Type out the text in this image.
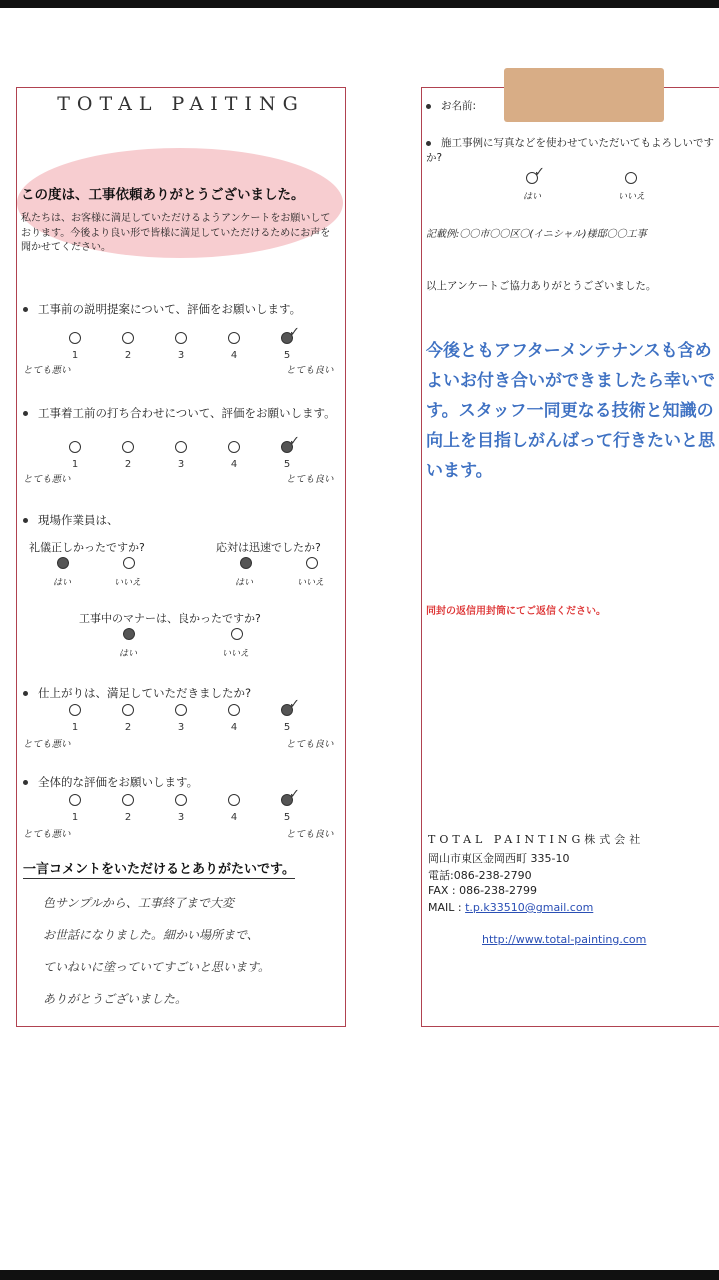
TOTAL PAITING
この度は、工事依頼ありがとうございました。
私たちは、お客様に満足していただけるようアンケートをお願いしております。今後より良い形で皆様に満足していただけるためにお声を聞かせてください。
工事前の説明提案について、評価をお願いします。
✓
1	2	3	4	5
とても悪い	とても良い
工事着工前の打ち合わせについて、評価をお願いします。
✓
1	2	3	4	5
とても悪い	とても良い
現場作業員は、
礼儀正しかったですか?	応対は迅速でしたか?
はい	いいえ	はい	いいえ
工事中のマナーは、良かったですか?
はい	いいえ
仕上がりは、満足していただきましたか?
✓
1	2	3	4	5
とても悪い	とても良い
全体的な評価をお願いします。
✓
1	2	3	4	5
とても悪い	とても良い
一言コメントをいただけるとありがたいです。
色サンプルから、工事終了まで大変
お世話になりました。細かい場所まで、
ていねいに塗っていてすごいと思います。
ありがとうございました。
お名前:
施工事例に写真などを使わせていただいてもよろしいですか?
✓
はい	いいえ
記載例:〇〇市〇〇区〇(イニシャル)様邸〇〇工事
以上アンケートご協力ありがとうございました。
今後ともアフターメンテナンスも含めよいお付き合いができましたら幸いです。スタッフ一同更なる技術と知識の向上を目指しがんばって行きたいと思います。
同封の返信用封筒にてご返信ください。
TOTAL PAINTING株式会社
岡山市東区金岡西町 335-10
電話:086-238-2790
FAX : 086-238-2799
MAIL : t.p.k33510@gmail.com
http://www.total-painting.com
